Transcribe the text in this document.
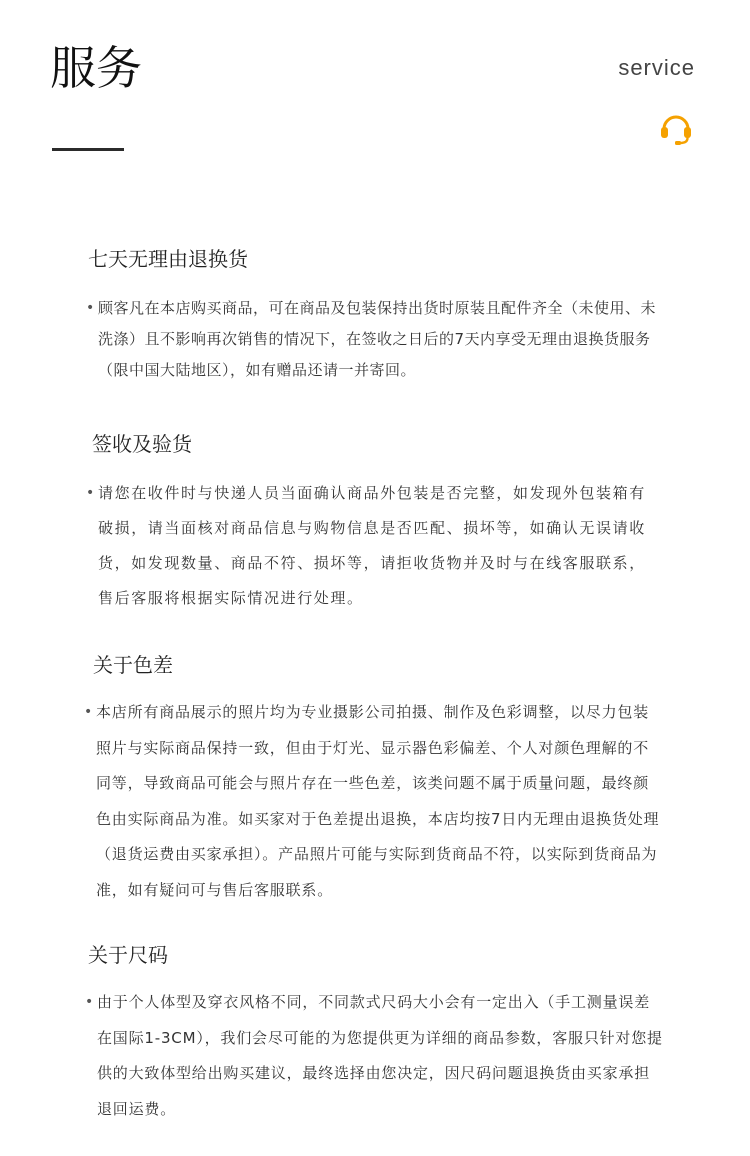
服务	service
七天无理由退换货

• 顾客凡在本店购买商品，可在商品及包装保持出货时原装且配件齐全（未使用、未洗涤）且不影响再次销售的情况下，在签收之日后的7天内享受无理由退换货服务（限中国大陆地区），如有赠品还请一并寄回。

签收及验货

• 请您在收件时与快递人员当面确认商品外包装是否完整，如发现外包装箱有破损，请当面核对商品信息与购物信息是否匹配、损坏等，如确认无误请收货，如发现数量、商品不符、损坏等，请拒收货物并及时与在线客服联系，售后客服将根据实际情况进行处理。

关于色差

• 本店所有商品展示的照片均为专业摄影公司拍摄、制作及色彩调整，以尽力包装照片与实际商品保持一致，但由于灯光、显示器色彩偏差、个人对颜色理解的不同等，导致商品可能会与照片存在一些色差，该类问题不属于质量问题，最终颜色由实际商品为准。如买家对于色差提出退换，本店均按7日内无理由退换货处理（退货运费由买家承担）。产品照片可能与实际到货商品不符，以实际到货商品为准，如有疑问可与售后客服联系。

关于尺码

• 由于个人体型及穿衣风格不同，不同款式尺码大小会有一定出入（手工测量误差在国际1-3CM），我们会尽可能的为您提供更为详细的商品参数，客服只针对您提供的大致体型给出购买建议，最终选择由您决定，因尺码问题退换货由买家承担退回运费。
